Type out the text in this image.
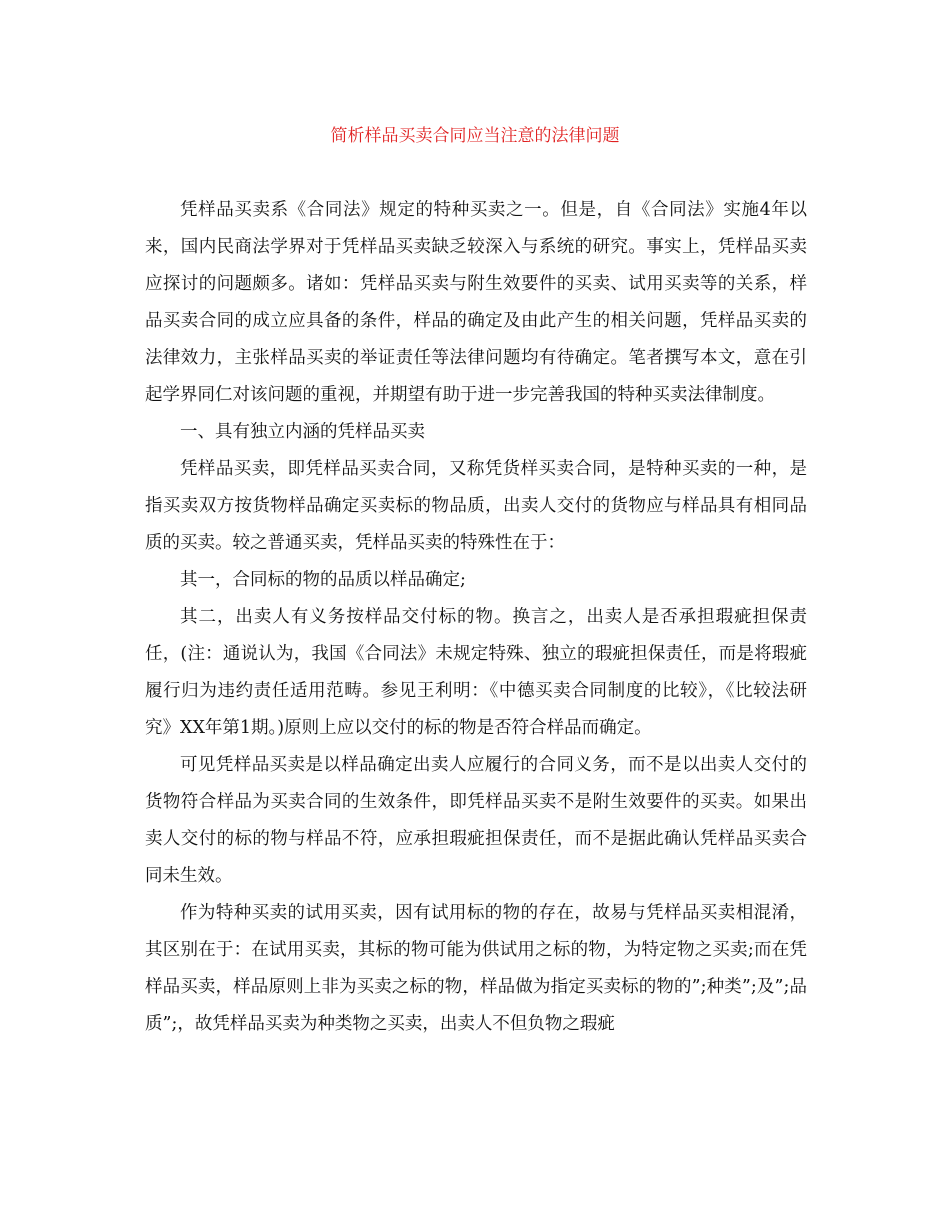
简析样品买卖合同应当注意的法律问题

凭样品买卖系《合同法》规定的特种买卖之一。但是，自《合同法》实施4年以来，国内民商法学界对于凭样品买卖缺乏较深入与系统的研究。事实上，凭样品买卖应探讨的问题颇多。诸如：凭样品买卖与附生效要件的买卖、试用买卖等的关系，样品买卖合同的成立应具备的条件，样品的确定及由此产生的相关问题，凭样品买卖的法律效力，主张样品买卖的举证责任等法律问题均有待确定。笔者撰写本文，意在引起学界同仁对该问题的重视，并期望有助于进一步完善我国的特种买卖法律制度。

一、具有独立内涵的凭样品买卖

凭样品买卖，即凭样品买卖合同，又称凭货样买卖合同，是特种买卖的一种，是指买卖双方按货物样品确定买卖标的物品质，出卖人交付的货物应与样品具有相同品质的买卖。较之普通买卖，凭样品买卖的特殊性在于：

其一，合同标的物的品质以样品确定;

其二，出卖人有义务按样品交付标的物。换言之，出卖人是否承担瑕疵担保责任，(注：通说认为，我国《合同法》未规定特殊、独立的瑕疵担保责任，而是将瑕疵履行归为违约责任适用范畴。参见王利明：《中德买卖合同制度的比较》，《比较法研究》XX年第1期。)原则上应以交付的标的物是否符合样品而确定。

可见凭样品买卖是以样品确定出卖人应履行的合同义务，而不是以出卖人交付的货物符合样品为买卖合同的生效条件，即凭样品买卖不是附生效要件的买卖。如果出卖人交付的标的物与样品不符，应承担瑕疵担保责任，而不是据此确认凭样品买卖合同未生效。

作为特种买卖的试用买卖，因有试用标的物的存在，故易与凭样品买卖相混淆，其区别在于：在试用买卖，其标的物可能为供试用之标的物，为特定物之买卖;而在凭样品买卖，样品原则上非为买卖之标的物，样品做为指定买卖标的物的”;种类”;及”;品质”;，故凭样品买卖为种类物之买卖，出卖人不但负物之瑕疵
